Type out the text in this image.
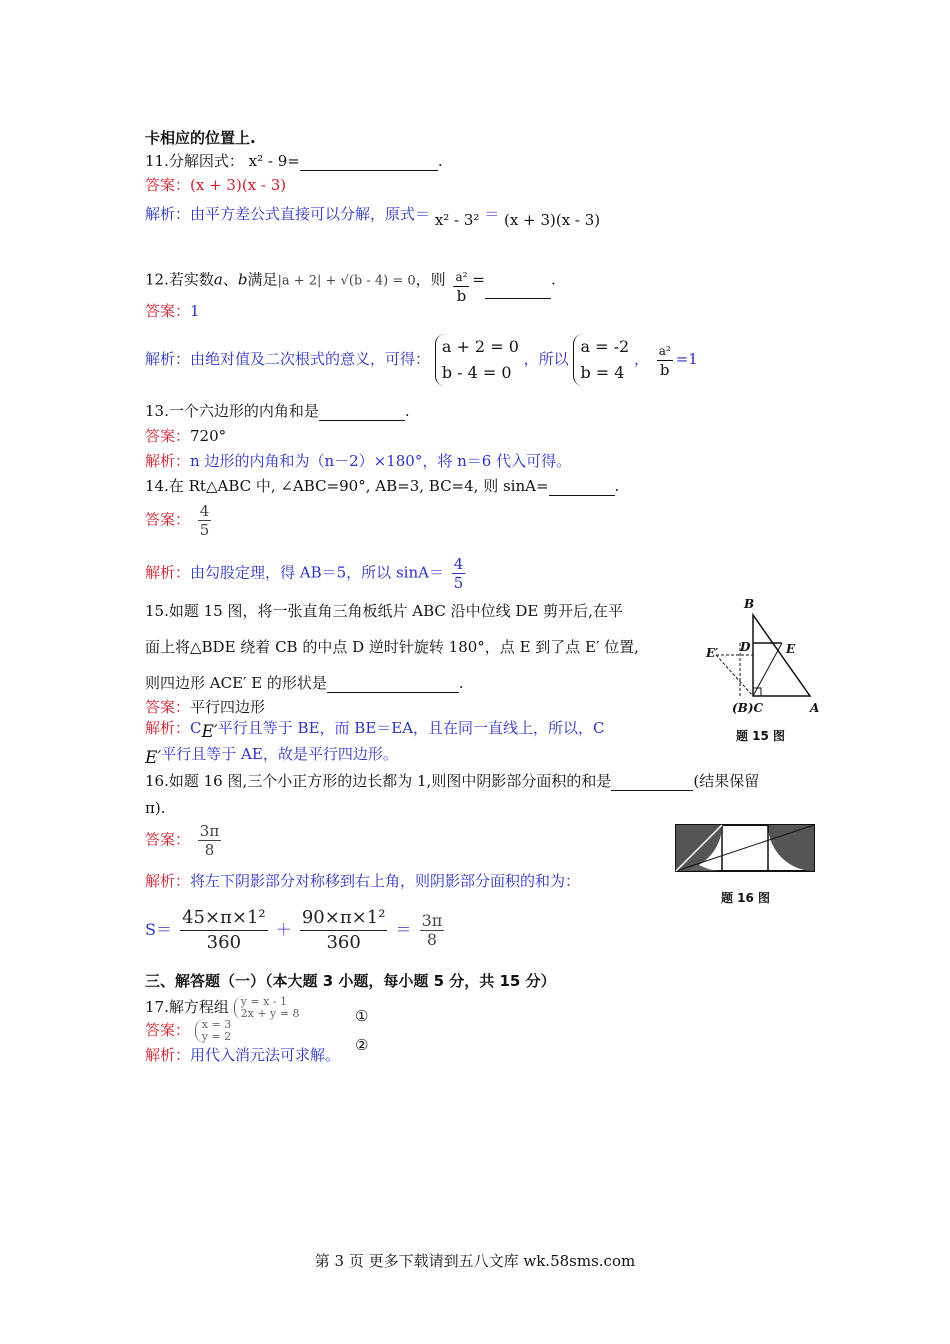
卡相应的位置上.
11.分解因式： x² - 9=	.
答案：(x + 3)(x - 3)
解析：由平方差公式直接可以分解，原式＝ x² - 3² ＝ (x + 3)(x - 3)
12.若实数a、b满足|a + 2| + √(b - 4) = 0，则 $\frac{\text{a²}}{b}$ =	.
答案：1
解析：由绝对值及二次根式的意义，可得：
a + 2 = 0
b - 4 = 0
，所以
a = -2
b = 4
， $\frac{\text{a²}}{b} =1$
13.一个六边形的内角和是	.
答案：720°
解析：n 边形的内角和为（n－2）×180°，将 n＝6 代入可得。
14.在 Rt△ABC 中, ∠ABC=90°, AB=3, BC=4, 则 sinA=	.
答案： $\frac{4}{5}$
解析：由勾股定理，得 AB＝5，所以 $\sin A= \frac{4}{5}$
15.如题 15 图，将一张直角三角板纸片 ABC 沿中位线 DE 剪开后,在平
面上将△BDE 绕着 CB 的中点 D 逆时针旋转 180°，点 E 到了点 E′ 位置,
则四边形 ACE′ E 的形状是	.
答案：平行四边形
解析：CE′平行且等于 BE，而 BE＝EA，且在同一直线上，所以，C
E′平行且等于 AE，故是平行四边形。
B
D	E
E′
(B)C	A
题 15 图
16.如题 16 图,三个小正方形的边长都为 1,则图中阴影部分面积的和是	(结果保留
π).
答案： $\frac{3\pi}{8}$
解析：将左下阴影部分对称移到右上角，则阴影部分面积的和为：
$S= \frac{\text{45×π×1²}}{360} + \frac{\text{90×π×1²}}{360} = \frac{3\pi}{8}$
题 16 图
三、解答题（一）（本大题 3 小题，每小题 5 分，共 15 分）
17.解方程组 y = x - 1
2x + y = 8	①
②
答案： x = 3
y = 2
解析：用代入消元法可求解。
第 3 页 更多下载请到五八文库 wk.58sms.com
